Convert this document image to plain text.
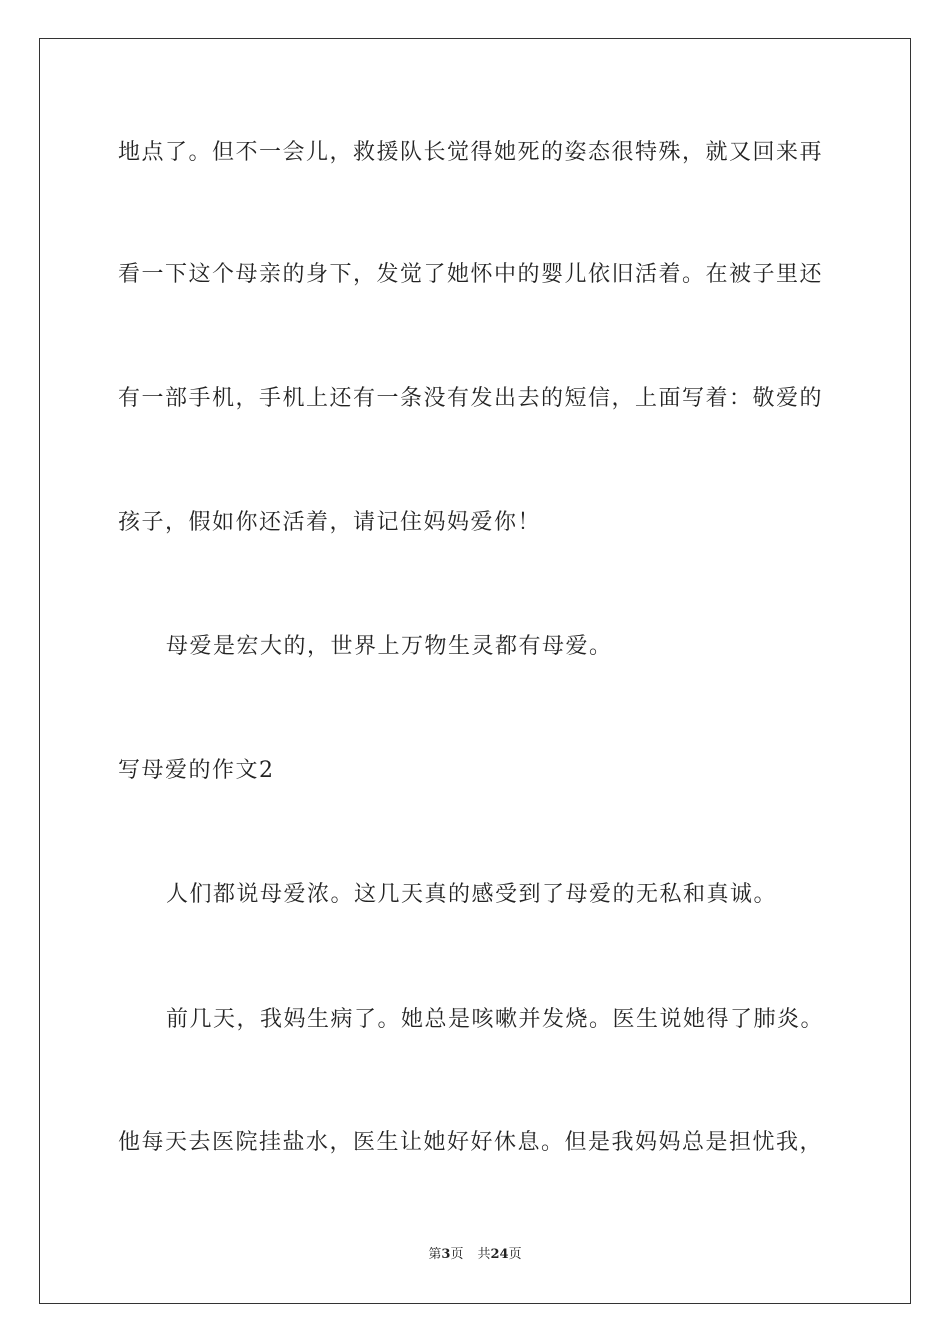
地点了。但不一会儿，救援队长觉得她死的姿态很特殊，就又回来再
看一下这个母亲的身下，发觉了她怀中的婴儿依旧活着。在被子里还
有一部手机，手机上还有一条没有发出去的短信，上面写着：敬爱的
孩子，假如你还活着，请记住妈妈爱你！
母爱是宏大的，世界上万物生灵都有母爱。
写母爱的作文2
人们都说母爱浓。这几天真的感受到了母爱的无私和真诚。
前几天，我妈生病了。她总是咳嗽并发烧。医生说她得了肺炎。
他每天去医院挂盐水，医生让她好好休息。但是我妈妈总是担忧我，
第3页 共24页
